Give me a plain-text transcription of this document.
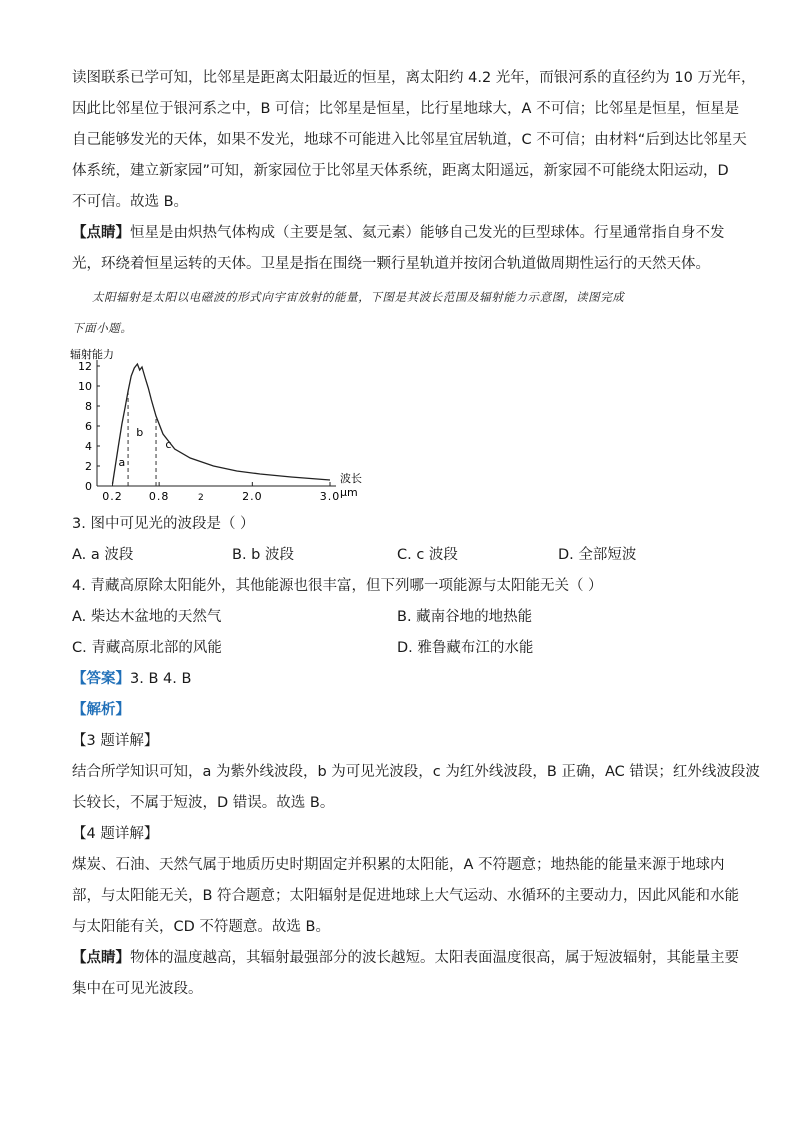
读图联系已学可知，比邻星是距离太阳最近的恒星，离太阳约 4.2 光年，而银河系的直径约为 10 万光年，
因此比邻星位于银河系之中，B 可信；比邻星是恒星，比行星地球大，A 不可信；比邻星是恒星，恒星是
自己能够发光的天体，如果不发光，地球不可能进入比邻星宜居轨道，C 不可信；由材料“后到达比邻星天
体系统，建立新家园”可知，新家园位于比邻星天体系统，距离太阳遥远，新家园不可能绕太阳运动，D
不可信。故选 B。
【点睛】恒星是由炽热气体构成（主要是氢、氦元素）能够自己发光的巨型球体。行星通常指自身不发
光，环绕着恒星运转的天体。卫星是指在围绕一颗行星轨道并按闭合轨道做周期性运行的天然天体。
太阳辐射是太阳以电磁波的形式向宇宙放射的能量，下图是其波长范围及辐射能力示意图，读图完成
下面小题。
辐射能力
0
2
4
6
8
10
12
0.2 0.8	2.0	3.0
a
b
c
波长
μm
2
3. 图中可见光的波段是（ ）
A. a 波段	B. b 波段	C. c 波段	D. 全部短波
4. 青藏高原除太阳能外，其他能源也很丰富，但下列哪一项能源与太阳能无关（ ）
A. 柴达木盆地的天然气	B. 藏南谷地的地热能
C. 青藏高原北部的风能	D. 雅鲁藏布江的水能
【答案】3. B 4. B
【解析】
【3 题详解】
结合所学知识可知，a 为紫外线波段，b 为可见光波段，c 为红外线波段，B 正确，AC 错误；红外线波段波
长较长，不属于短波，D 错误。故选 B。
【4 题详解】
煤炭、石油、天然气属于地质历史时期固定并积累的太阳能，A 不符题意；地热能的能量来源于地球内
部，与太阳能无关，B 符合题意；太阳辐射是促进地球上大气运动、水循环的主要动力，因此风能和水能
与太阳能有关，CD 不符题意。故选 B。
【点睛】物体的温度越高，其辐射最强部分的波长越短。太阳表面温度很高，属于短波辐射，其能量主要
集中在可见光波段。
